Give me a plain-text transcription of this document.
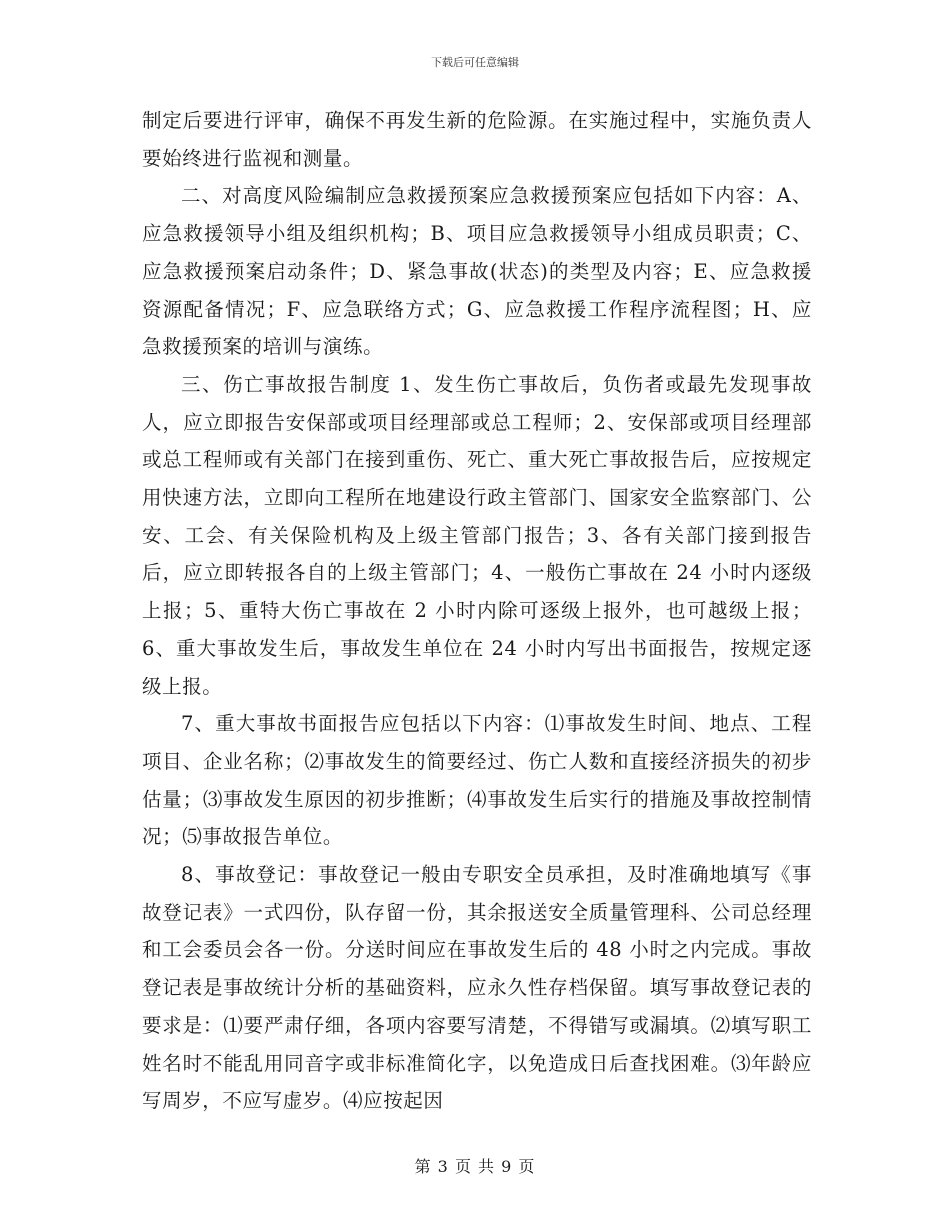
下载后可任意编辑

制定后要进行评审，确保不再发生新的危险源。在实施过程中，实施负责人要始终进行监视和测量。

二、对高度风险编制应急救援预案应急救援预案应包括如下内容：A、应急救援领导小组及组织机构；B、项目应急救援领导小组成员职责；C、应急救援预案启动条件；D、紧急事故(状态)的类型及内容；E、应急救援资源配备情况；F、应急联络方式；G、应急救援工作程序流程图；H、应急救援预案的培训与演练。

三、伤亡事故报告制度 1、发生伤亡事故后，负伤者或最先发现事故人，应立即报告安保部或项目经理部或总工程师；2、安保部或项目经理部或总工程师或有关部门在接到重伤、死亡、重大死亡事故报告后，应按规定用快速方法，立即向工程所在地建设行政主管部门、国家安全监察部门、公安、工会、有关保险机构及上级主管部门报告；3、各有关部门接到报告后，应立即转报各自的上级主管部门；4、一般伤亡事故在 24 小时内逐级上报；5、重特大伤亡事故在 2 小时内除可逐级上报外，也可越级上报；6、重大事故发生后，事故发生单位在 24 小时内写出书面报告，按规定逐级上报。

7、重大事故书面报告应包括以下内容：⑴事故发生时间、地点、工程项目、企业名称；⑵事故发生的简要经过、伤亡人数和直接经济损失的初步估量；⑶事故发生原因的初步推断；⑷事故发生后实行的措施及事故控制情况；⑸事故报告单位。

8、事故登记：事故登记一般由专职安全员承担，及时准确地填写《事故登记表》一式四份，队存留一份，其余报送安全质量管理科、公司总经理和工会委员会各一份。分送时间应在事故发生后的 48 小时之内完成。事故登记表是事故统计分析的基础资料，应永久性存档保留。填写事故登记表的要求是：⑴要严肃仔细，各项内容要写清楚，不得错写或漏填。⑵填写职工姓名时不能乱用同音字或非标准简化字，以免造成日后查找困难。⑶年龄应写周岁，不应写虚岁。⑷应按起因

第 3 页 共 9 页
